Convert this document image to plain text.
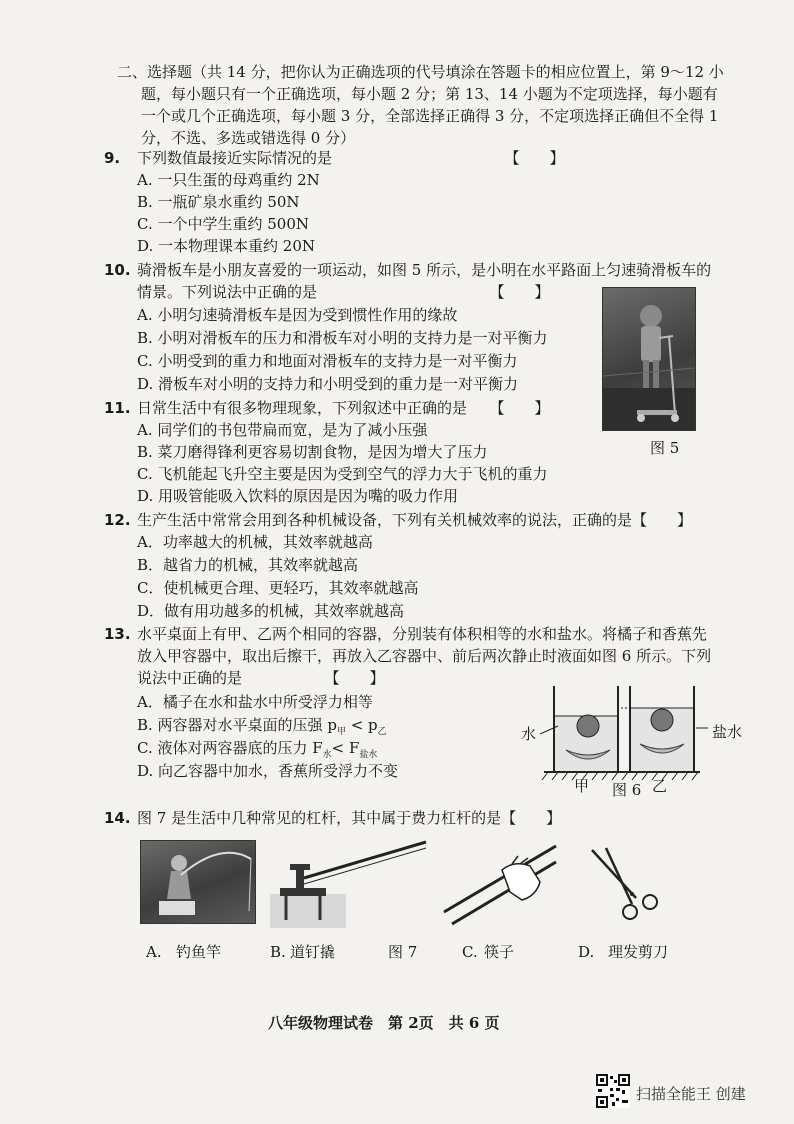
二、选择题（共 14 分，把你认为正确选项的代号填涂在答题卡的相应位置上，第 9～12 小
题，每小题只有一个正确选项，每小题 2 分；第 13、14 小题为不定项选择，每小题有
一个或几个正确选项，每小题 3 分，全部选择正确得 3 分，不定项选择正确但不全得 1
分，不选、多选或错选得 0 分）
9. 下列数值最接近实际情况的是　　　　　　　　　　　　【　　】
A. 一只生蛋的母鸡重约 2N
B. 一瓶矿泉水重约 50N
C. 一个中学生重约 500N
D. 一本物理课本重约 20N
10. 骑滑板车是小朋友喜爱的一项运动，如图 5 所示，是小明在水平路面上匀速骑滑板车的
情景。下列说法中正确的是　　　　　　　　　　　　【　　】
A. 小明匀速骑滑板车是因为受到惯性作用的缘故
B. 小明对滑板车的压力和滑板车对小明的支持力是一对平衡力
C. 小明受到的重力和地面对滑板车的支持力是一对平衡力
D. 滑板车对小明的支持力和小明受到的重力是一对平衡力
图 5
11. 日常生活中有很多物理现象，下列叙述中正确的是　　【　　】
A. 同学们的书包带扁而宽，是为了减小压强
B. 菜刀磨得锋利更容易切割食物，是因为增大了压力
C. 飞机能起飞升空主要是因为受到空气的浮力大于飞机的重力
D. 用吸管能吸入饮料的原因是因为嘴的吸力作用
12. 生产生活中常常会用到各种机械设备，下列有关机械效率的说法，正确的是【　　】
A．功率越大的机械，其效率就越高
B．越省力的机械，其效率就越高
C．使机械更合理、更轻巧，其效率就越高
D．做有用功越多的机械，其效率就越高
13. 水平桌面上有甲、乙两个相同的容器，分别装有体积相等的水和盐水。将橘子和香蕉先
放入甲容器中，取出后擦干，再放入乙容器中、前后两次静止时液面如图 6 所示。下列
说法中正确的是　　　　　　【　　】
A．橘子在水和盐水中所受浮力相等
B. 两容器对水平桌面的压强 $p_甲 < p_乙$
C. 液体对两容器底的压力 $F_水< F_{盐水}$
D. 向乙容器中加水，香蕉所受浮力不变
水	盐水
甲 图 6 乙
14. 图 7 是生活中几种常见的杠杆，其中属于费力杠杆的是【　　】
A. 钓鱼竿	B. 道钉撬	图 7	C. 筷子	D. 理发剪刀
八年级物理试卷　第 2页　共 6 页
扫描全能王 创建
